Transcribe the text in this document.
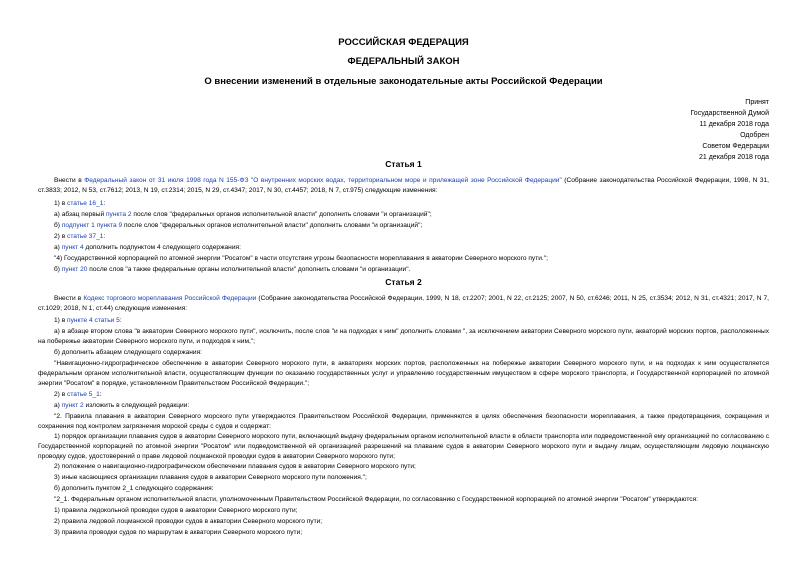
РОССИЙСКАЯ ФЕДЕРАЦИЯ
ФЕДЕРАЛЬНЫЙ ЗАКОН
О внесении изменений в отдельные законодательные акты Российской Федерации
Принят
Государственной Думой
11 декабря 2018 года
Одобрен
Советом Федерации
21 декабря 2018 года
Статья 1
Внести в Федеральный закон от 31 июля 1998 года N 155-ФЗ "О внутренних морских водах, территориальном море и прилежащей зоне Российской Федерации" (Собрание законодательства Российской Федерации, 1998, N 31, ст.3833; 2012, N 53, ст.7612; 2013, N 19, ст.2314; 2015, N 29, ст.4347; 2017, N 30, ст.4457; 2018, N 7, ст.975) следующие изменения:
1) в статье 16_1:
а) абзац первый пункта 2 после слов "федеральных органов исполнительной власти" дополнить словами "и организаций";
б) подпункт 1 пункта 9 после слов "федеральных органов исполнительной власти" дополнить словами "и организаций";
2) в статье 37_1:
а) пункт 4 дополнить подпунктом 4 следующего содержания:
"4) Государственной корпорацией по атомной энергии "Росатом" в части отсутствия угрозы безопасности мореплавания в акватории Северного морского пути.";
б) пункт 20 после слов "а также федеральные органы исполнительной власти" дополнить словами "и организации".
Статья 2
Внести в Кодекс торгового мореплавания Российской Федерации (Собрание законодательства Российской Федерации, 1999, N 18, ст.2207; 2001, N 22, ст.2125; 2007, N 50, ст.6246; 2011, N 25, ст.3534; 2012, N 31, ст.4321; 2017, N 7, ст.1029; 2018, N 1, ст.44) следующие изменения:
1) в пункте 4 статьи 5:
а) в абзаце втором слова "в акватории Северного морского пути", исключить, после слов "и на подходах к ним" дополнить словами ", за исключением акватории Северного морского пути, акваторий морских портов, расположенных на побережье акватории Северного морского пути, и подходов к ним,";
б) дополнить абзацем следующего содержания:
"Навигационно-гидрографическое обеспечение в акватории Северного морского пути, в акваториях морских портов, расположенных на побережье акватории Северного морского пути, и на подходах к ним осуществляется федеральным органом исполнительной власти, осуществляющим функции по оказанию государственных услуг и управлению государственным имуществом в сфере морского транспорта, и Государственной корпорацией по атомной энергии "Росатом" в порядке, установленном Правительством Российской Федерации.";
2) в статье 5_1:
а) пункт 2 изложить в следующей редакции:
"2. Правила плавания в акватории Северного морского пути утверждаются Правительством Российской Федерации, применяются в целях обеспечения безопасности мореплавания, а также предотвращения, сокращения и сохранения под контролем загрязнения морской среды с судов и содержат:
1) порядок организации плавания судов в акватории Северного морского пути, включающий выдачу федеральным органом исполнительной власти в области транспорта или подведомственной ему организацией по согласованию с Государственной корпорацией по атомной энергии "Росатом" или подведомственной ей организацией разрешений на плавание судов в акватории Северного морского пути и выдачу лицам, осуществляющим ледовую лоцманскую проводку судов, удостоверений о праве ледовой лоцманской проводки судов в акватории Северного морского пути;
2) положение о навигационно-гидрографическом обеспечении плавания судов в акватории Северного морского пути;
3) иные касающиеся организации плавания судов в акватории Северного морского пути положения.";
б) дополнить пунктом 2_1 следующего содержания:
"2_1. Федеральным органом исполнительной власти, уполномоченным Правительством Российской Федерации, по согласованию с Государственной корпорацией по атомной энергии "Росатом" утверждаются:
1) правила ледокольной проводки судов в акватории Северного морского пути;
2) правила ледовой лоцманской проводки судов в акватории Северного морского пути;
3) правила проводки судов по маршрутам в акватории Северного морского пути;
